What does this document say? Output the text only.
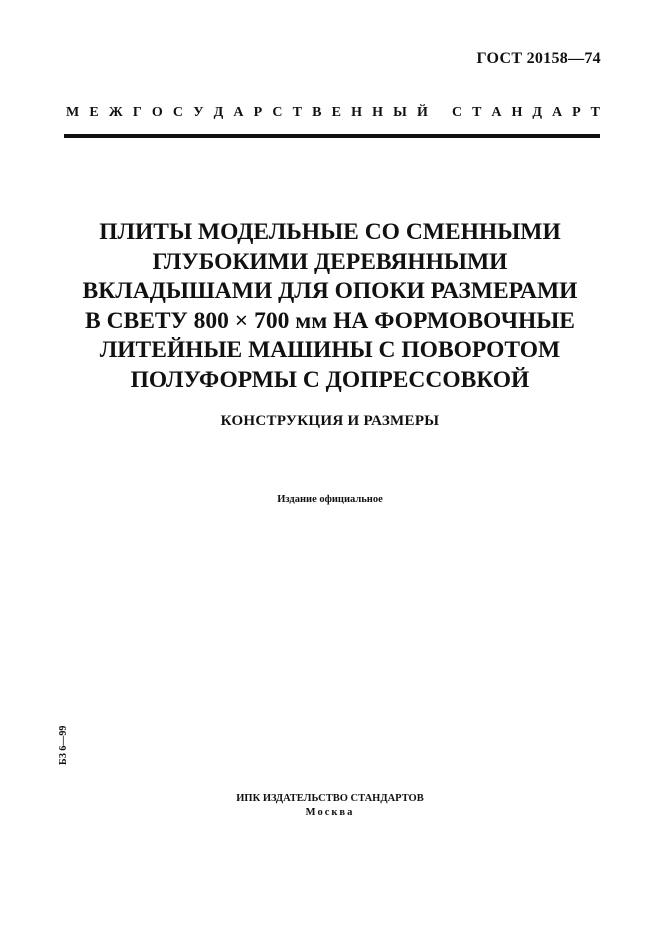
ГОСТ 20158—74
М Е Ж Г О С У Д А Р С Т В Е Н Н Ы Й С Т А Н Д А Р Т
ПЛИТЫ МОДЕЛЬНЫЕ СО СМЕННЫМИ
ГЛУБОКИМИ ДЕРЕВЯННЫМИ
ВКЛАДЫШАМИ ДЛЯ ОПОКИ РАЗМЕРАМИ
В СВЕТУ 800 × 700 мм НА ФОРМОВОЧНЫЕ
ЛИТЕЙНЫЕ МАШИНЫ С ПОВОРОТОМ
ПОЛУФОРМЫ С ДОПРЕССОВКОЙ
КОНСТРУКЦИЯ И РАЗМЕРЫ
Издание официальное
БЗ 6—99
ИПК ИЗДАТЕЛЬСТВО СТАНДАРТОВ
Москва
